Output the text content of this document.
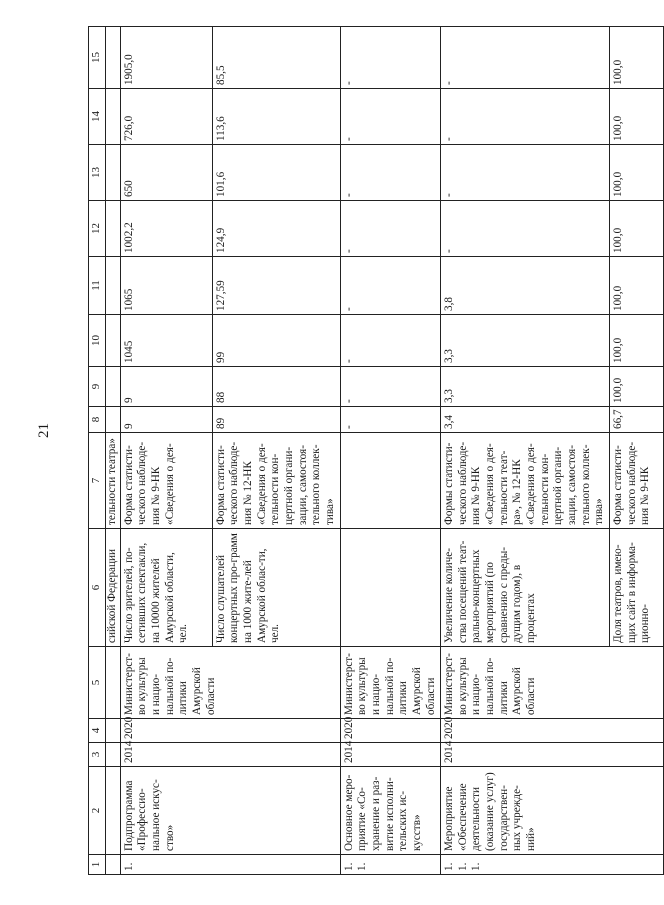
21
1	2	3	4	5	6	7	8	9	10	11	12	13	14	15
					сийской Федерации	тельности театра»								
1.	Подпрограмма «Профессио-нальное искус-ство»	2014	2020	Министерст-во культуры и нацио-нальной по-литики Амурской области	Число зрителей, по-сетивших спектакли, на 10000 жителей Амурской области, чел.	Форма статисти-ческого наблюде-ния № 9-НК «Сведения о дея-	9	9	1045	1065	1002,2	650	726,0	1905,0
					Число слушателей концертных про-грамм на 1000 жите-лей Амурской облас-ти, чел.	Форма статисти-ческого наблюде-ния № 12-НК «Сведения о дея-тельности кон-цертной органи-зации, самостоя-тельного коллек-тива»	89	88	99	127,59	124,9	101,6	113,6	85,5
1.1.	Основное меро-приятие «Со-хранение и раз-витие исполни-тельских ис-кусств»	2014	2020	Министерст-во культуры и нацио-нальной по-литики Амурской области			-	-	-	-	-	-	-	-
1.1.1.	Мероприятие «Обеспечение деятельности (оказание услуг) государствен-ных учрежде-ний»	2014	2020	Министерст-во культуры и нацио-нальной по-литики Амурской области	Увеличение количе-ства посещений теат-рально-концертных мероприятий (по сравнению с преды-дущим годом), в процентах	Формы статисти-ческого наблюде-ния № 9-НК «Сведения о дея-тельности теат-ра», № 12-НК «Сведения о дея-тельности кон-цертной органи-зации, самостоя-тельного коллек-тива»	3,4	3,3	3,3	3,8	-	-	-	-
					Доля театров, имею-щих сайт в информа-ционно-	Форма статисти-ческого наблюде-ния № 9-НК	66,7	100,0	100,0	100,0	100,0	100,0	100,0	100,0
